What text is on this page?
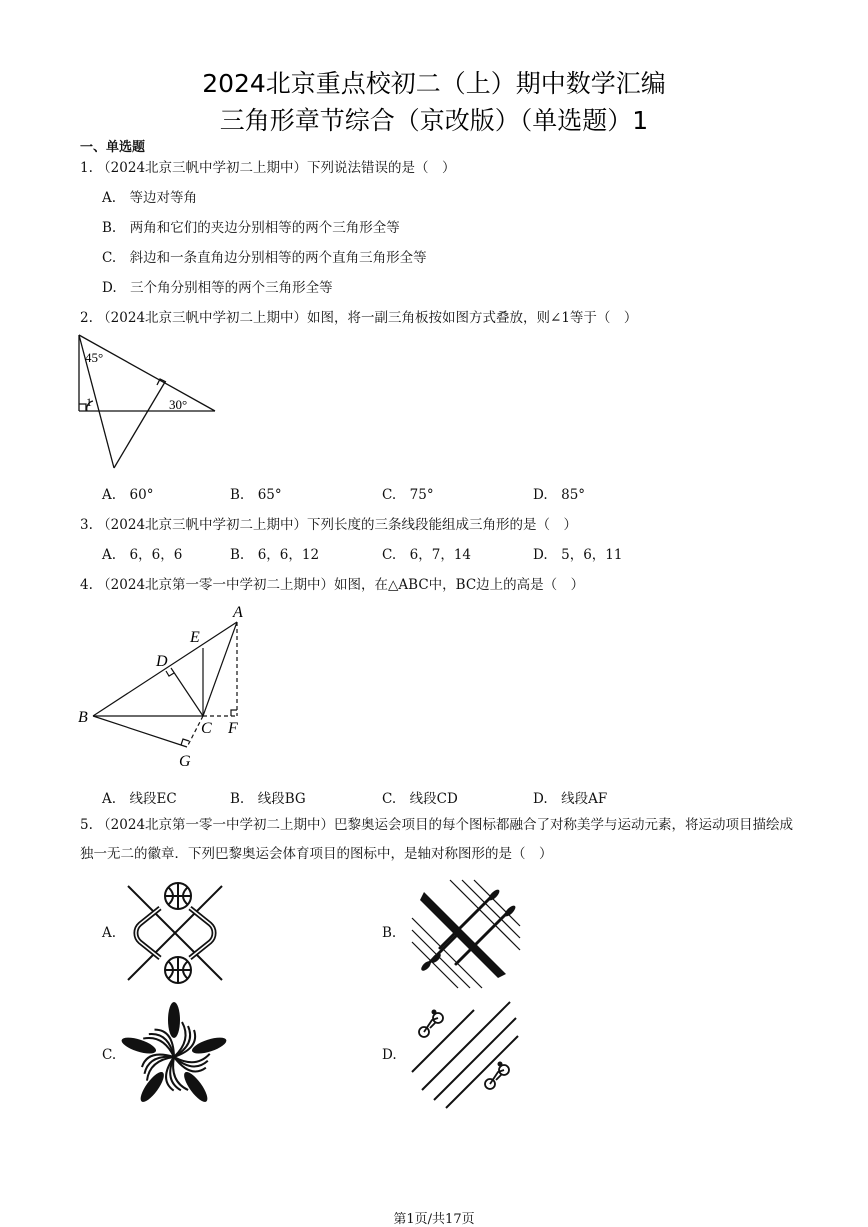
2024北京重点校初二（上）期中数学汇编
三角形章节综合（京改版）（单选题）1
一、单选题
1. （2024北京三帆中学初二上期中）下列说法错误的是（　）
A.　等边对等角
B.　两角和它们的夹边分别相等的两个三角形全等
C.　斜边和一条直角边分别相等的两个直角三角形全等
D.　三个角分别相等的两个三角形全等
2. （2024北京三帆中学初二上期中）如图，将一副三角板按如图方式叠放，则∠1等于（　）
45°
30°
1
A.　60°	B.　65°	C.　75°	D.　85°
3. （2024北京三帆中学初二上期中）下列长度的三条线段能组成三角形的是（　）
A.　6，6，6	B.　6，6，12	C.　6，7，14	D.　5，6，11
4. （2024北京第一零一中学初二上期中）如图，在△ABC中，BC边上的高是（　）
A
B
C
D
E
F
G
A.　线段EC	B.　线段BG	C.　线段CD	D.　线段AF
5. （2024北京第一零一中学初二上期中）巴黎奥运会项目的每个图标都融合了对称美学与运动元素，将运动项目描绘成独一无二的徽章．下列巴黎奥运会体育项目的图标中，是轴对称图形的是（　）
A.	B.
C.	D.
第1页/共17页
